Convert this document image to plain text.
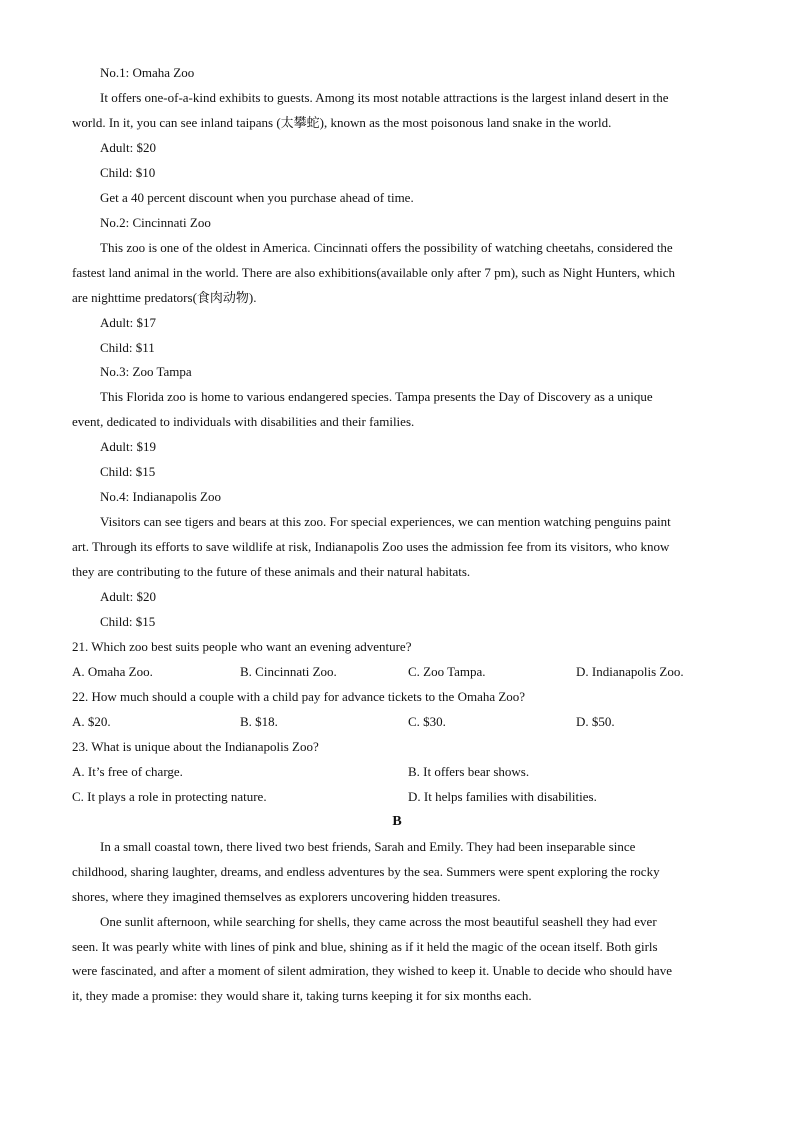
No.1: Omaha Zoo
It offers one-of-a-kind exhibits to guests. Among its most notable attractions is the largest inland desert in the
world. In it, you can see inland taipans (太攀蛇), known as the most poisonous land snake in the world.
Adult: $20
Child: $10
Get a 40 percent discount when you purchase ahead of time.
No.2: Cincinnati Zoo
This zoo is one of the oldest in America. Cincinnati offers the possibility of watching cheetahs, considered the
fastest land animal in the world. There are also exhibitions(available only after 7 pm), such as Night Hunters, which
are nighttime predators(食肉动物).
Adult: $17
Child: $11
No.3: Zoo Tampa
This Florida zoo is home to various endangered species. Tampa presents the Day of Discovery as a unique
event, dedicated to individuals with disabilities and their families.
Adult: $19
Child: $15
No.4: Indianapolis Zoo
Visitors can see tigers and bears at this zoo. For special experiences, we can mention watching penguins paint
art. Through its efforts to save wildlife at risk, Indianapolis Zoo uses the admission fee from its visitors, who know
they are contributing to the future of these animals and their natural habitats.
Adult: $20
Child: $15
21. Which zoo best suits people who want an evening adventure?
A. Omaha Zoo.	B. Cincinnati Zoo.	C. Zoo Tampa.	D. Indianapolis Zoo.
22. How much should a couple with a child pay for advance tickets to the Omaha Zoo?
A. $20.	B. $18.	C. $30.	D. $50.
23. What is unique about the Indianapolis Zoo?
A. It’s free of charge.	B. It offers bear shows.
C. It plays a role in protecting nature.	D. It helps families with disabilities.
B
In a small coastal town, there lived two best friends, Sarah and Emily. They had been inseparable since
childhood, sharing laughter, dreams, and endless adventures by the sea. Summers were spent exploring the rocky
shores, where they imagined themselves as explorers uncovering hidden treasures.
One sunlit afternoon, while searching for shells, they came across the most beautiful seashell they had ever
seen. It was pearly white with lines of pink and blue, shining as if it held the magic of the ocean itself. Both girls
were fascinated, and after a moment of silent admiration, they wished to keep it. Unable to decide who should have
it, they made a promise: they would share it, taking turns keeping it for six months each.
